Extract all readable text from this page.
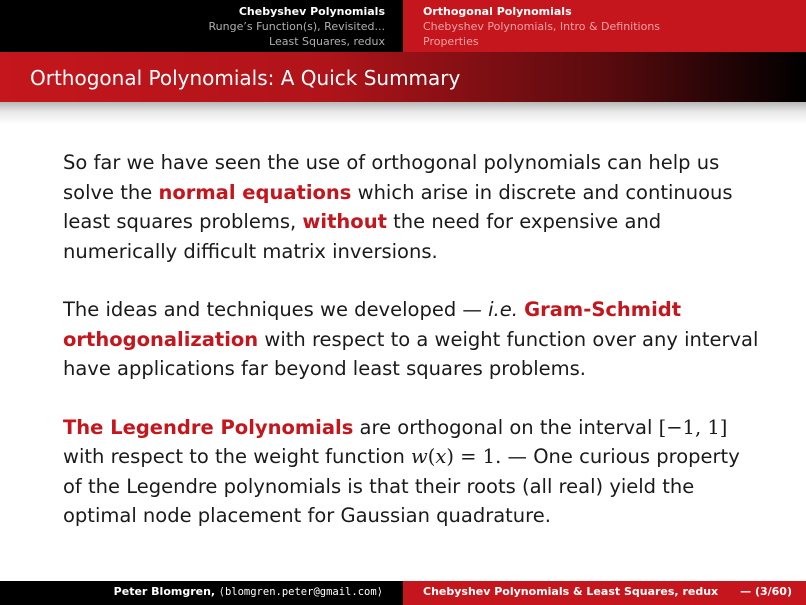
Chebyshev Polynomials
Runge’s Function(s), Revisited...
Least Squares, redux
Orthogonal Polynomials
Chebyshev Polynomials, Intro & Definitions
Properties
Orthogonal Polynomials: A Quick Summary

So far we have seen the use of orthogonal polynomials can help us solve the normal equations which arise in discrete and continuous least squares problems, without the need for expensive and numerically difficult matrix inversions.

The ideas and techniques we developed — i.e. Gram-Schmidt orthogonalization with respect to a weight function over any interval have applications far beyond least squares problems.

The Legendre Polynomials are orthogonal on the interval [−1, 1] with respect to the weight function w(x) = 1. — One curious property of the Legendre polynomials is that their roots (all real) yield the optimal node placement for Gaussian quadrature.

Peter Blomgren, ⟨blomgren.peter@gmail.com⟩	Chebyshev Polynomials & Least Squares, redux — (3/60)
